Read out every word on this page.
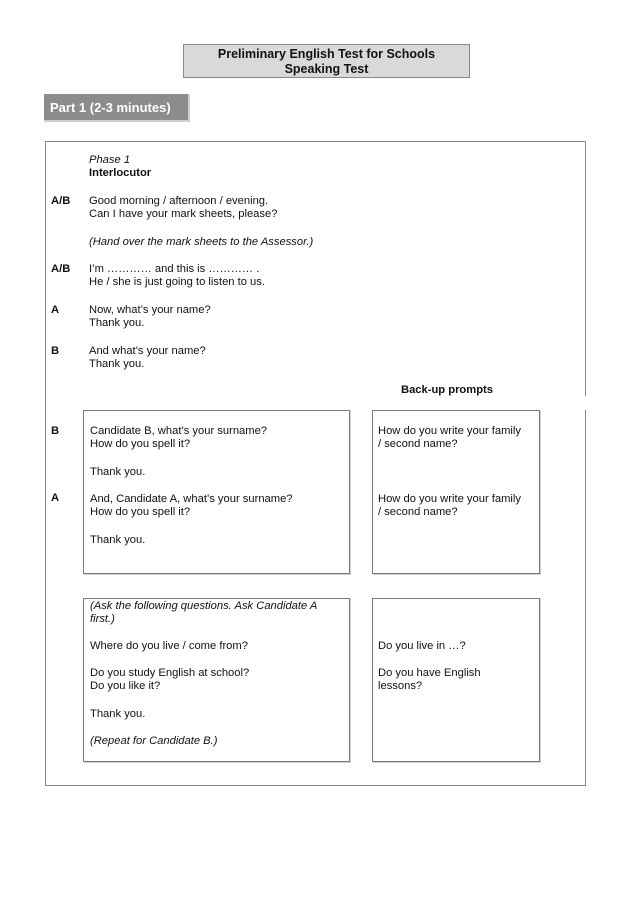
Preliminary English Test for Schools
Speaking Test
Part 1 (2-3 minutes)
Phase 1
Interlocutor
A/B Good morning / afternoon / evening.
Can I have your mark sheets, please?
(Hand over the mark sheets to the Assessor.)
A/B I’m ………… and this is ………… .
He / she is just going to listen to us.
A	Now, what’s your name?
Thank you.
B	And what’s your name?
Thank you.
Back-up prompts
B
A
Candidate B, what’s your surname?
How do you spell it?
Thank you.
And, Candidate A, what’s your surname?
How do you spell it?
Thank you.
How do you write your family
/ second name?
How do you write your family
/ second name?
(Ask the following questions. Ask Candidate A
first.)
Where do you live / come from?
Do you study English at school?
Do you like it?
Thank you.
(Repeat for Candidate B.)
Do you live in …?
Do you have English
lessons?
